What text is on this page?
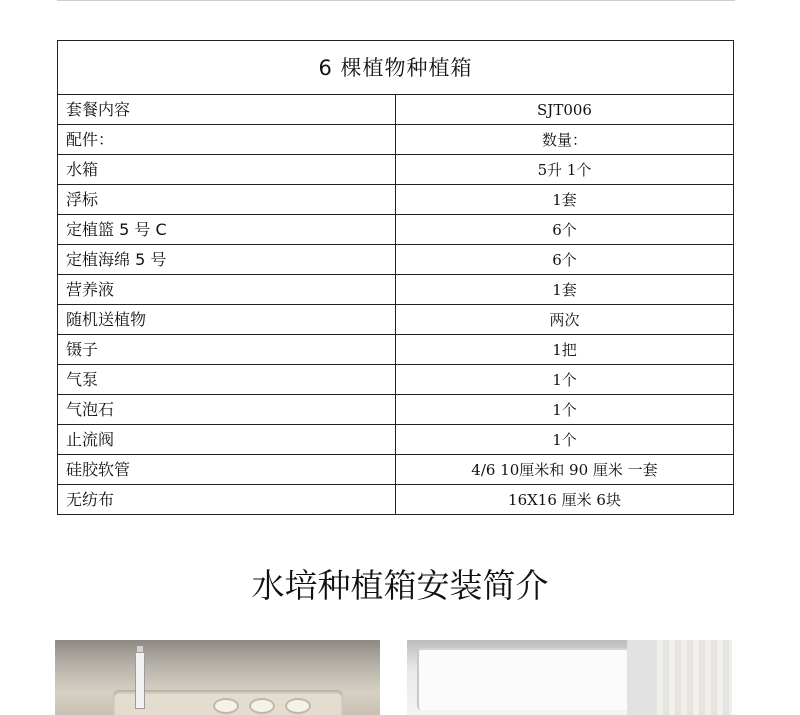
6 棵植物种植箱	
套餐内容	SJT006
配件：	数量：
水箱	5升 1个
浮标	1套
定植篮 5 号 C	6个
定植海绵 5 号	6个
营养液	1套
随机送植物	两次
镊子	1把
气泵	1个
气泡石	1个
止流阀	1个
硅胶软管	4/6 10厘米和 90 厘米 一套
无纺布	16X16 厘米 6块
水培种植箱安装简介
